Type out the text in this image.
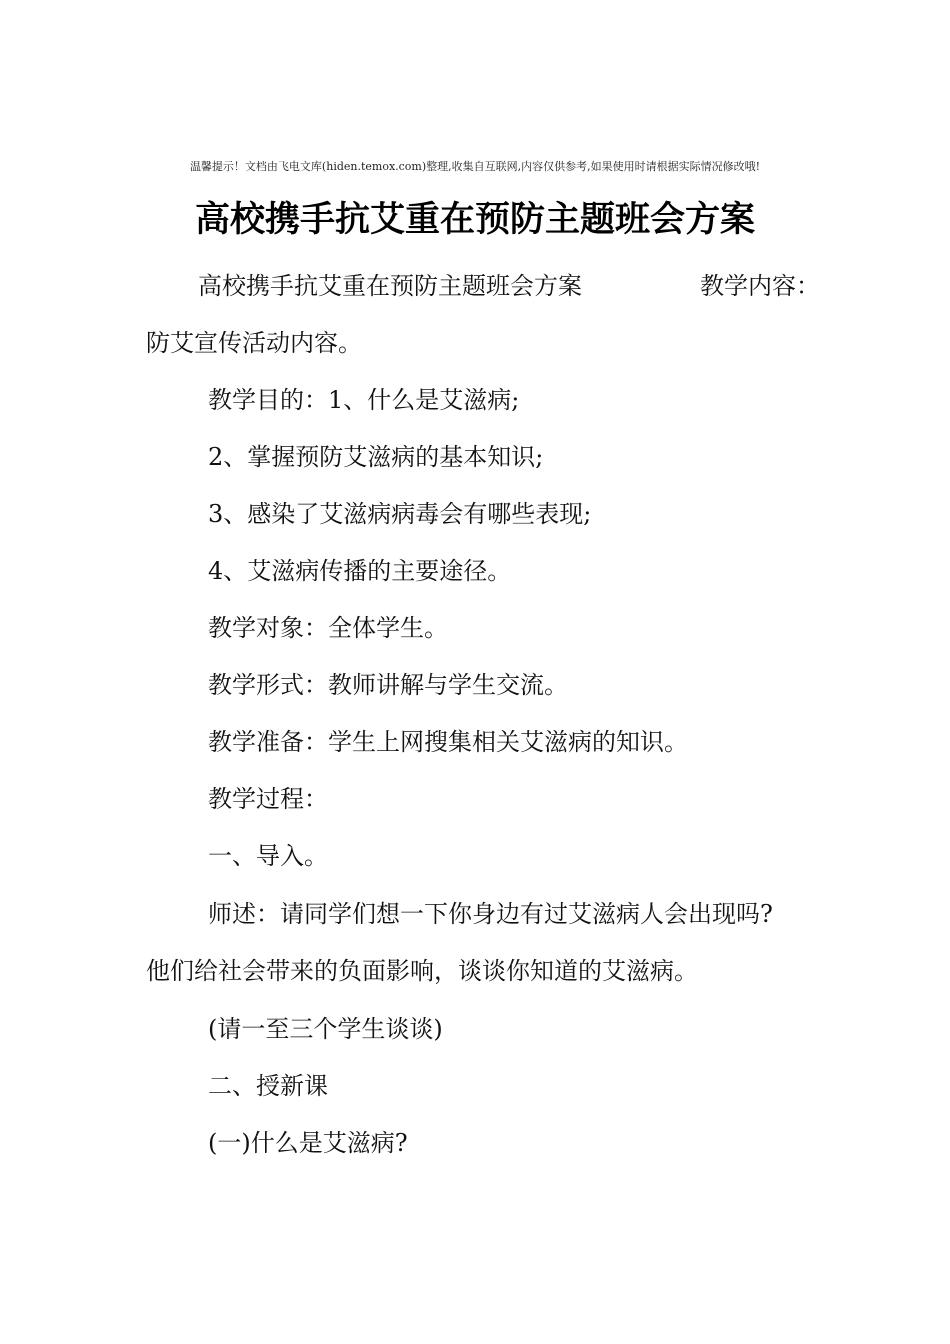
温馨提示！文档由飞电文库(hiden.temox.com)整理,收集自互联网,内容仅供参考,如果使用时请根据实际情况修改哦!
高校携手抗艾重在预防主题班会方案
高校携手抗艾重在预防主题班会方案	教学内容：
防艾宣传活动内容。
教学目的：1、什么是艾滋病;
2、掌握预防艾滋病的基本知识;
3、感染了艾滋病病毒会有哪些表现;
4、艾滋病传播的主要途径。
教学对象：全体学生。
教学形式：教师讲解与学生交流。
教学准备：学生上网搜集相关艾滋病的知识。
教学过程：
一、导入。
师述：请同学们想一下你身边有过艾滋病人会出现吗?
他们给社会带来的负面影响，谈谈你知道的艾滋病。
(请一至三个学生谈谈)
二、授新课
(一)什么是艾滋病?
